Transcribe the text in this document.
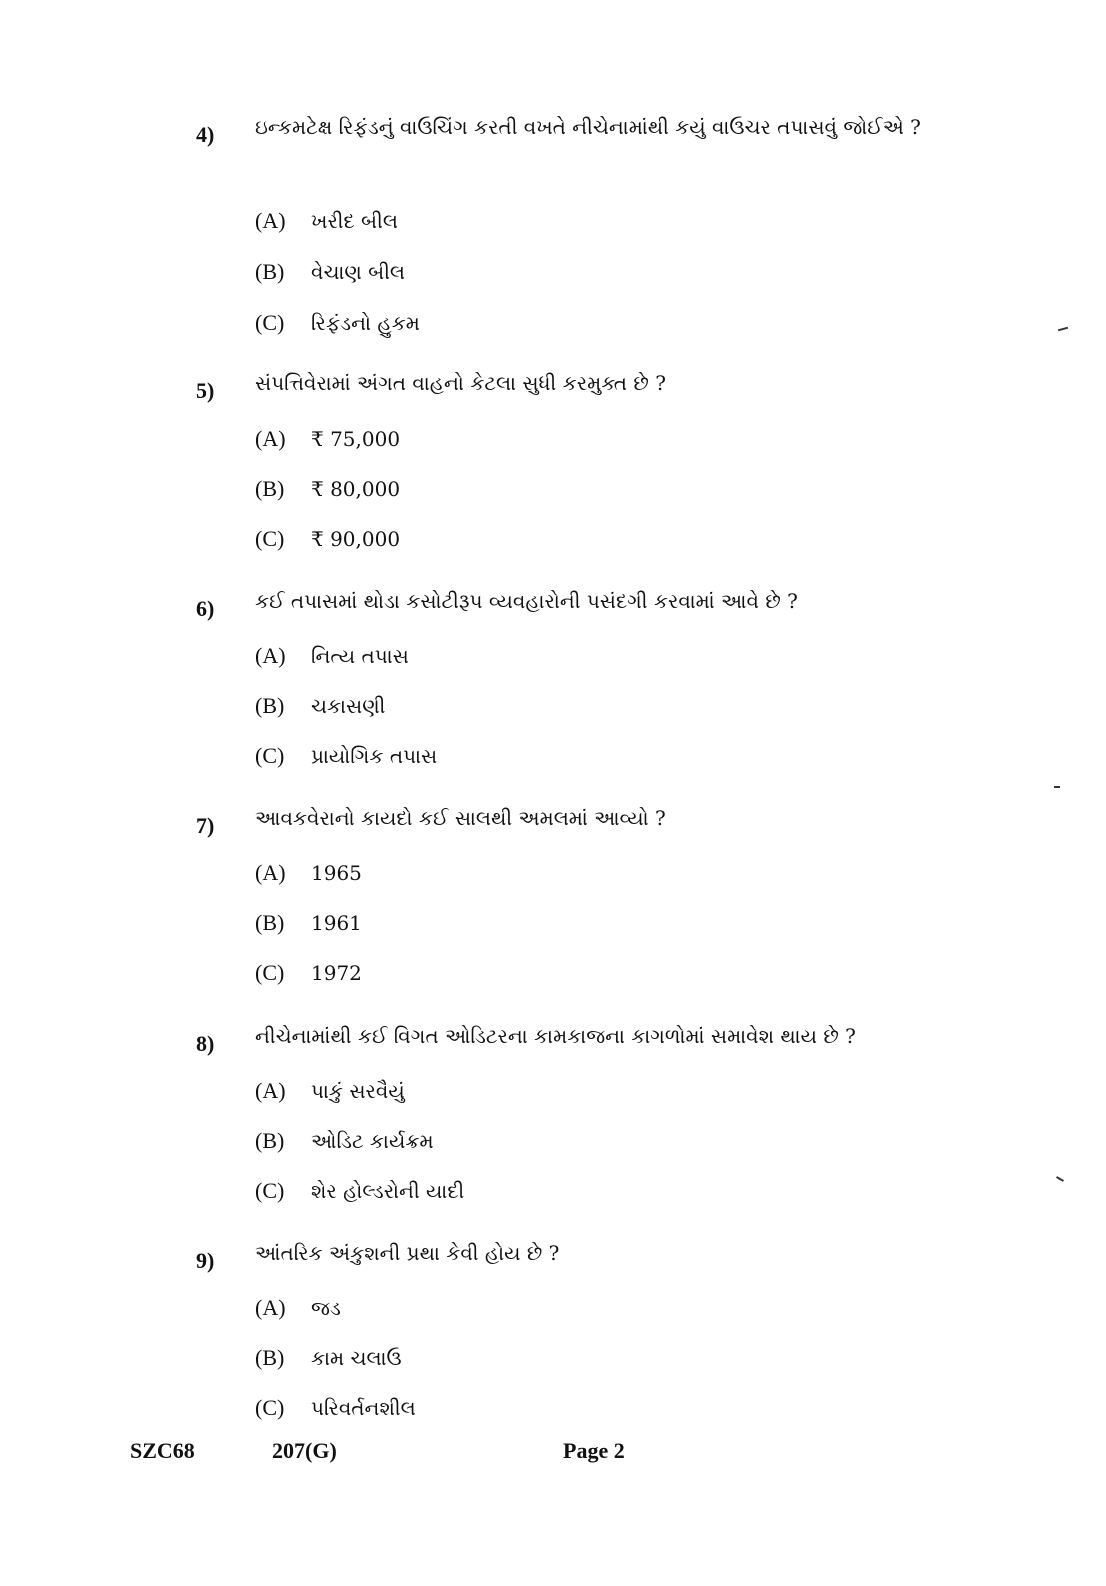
4) ઇન્કમટેક્ષ રિફંડનું વાઉચિંગ કરતી વખતે નીચેનામાંથી કયું વાઉચર તપાસવું જોઈએ ?
(A) ખરીદ બીલ
(B) વેચાણ બીલ
(C) રિફંડનો હુકમ
5) સંપત્તિવેરામાં અંગત વાહનો કેટલા સુધી કરમુક્ત છે ?
(A) ₹ 75,000
(B) ₹ 80,000
(C) ₹ 90,000
6) કઈ તપાસમાં થોડા કસોટીરૂપ વ્યવહારોની પસંદગી કરવામાં આવે છે ?
(A) નિત્ય તપાસ
(B) ચકાસણી
(C) પ્રાયોગિક તપાસ
7) આવકવેરાનો કાયદો કઈ સાલથી અમલમાં આવ્યો ?
(A) 1965
(B) 1961
(C) 1972
8) નીચેનામાંથી કઈ વિગત ઓડિટરના કામકાજના કાગળોમાં સમાવેશ થાય છે ?
(A) પાકું સરવૈયું
(B) ઓડિટ કાર્યક્રમ
(C) શેર હોલ્ડરોની યાદી
9) આંતરિક અંકુશની પ્રથા કેવી હોય છે ?
(A) જડ
(B) કામ ચલાઉ
(C) પરિવર્તનશીલ
SZC68	207(G)	Page 2
